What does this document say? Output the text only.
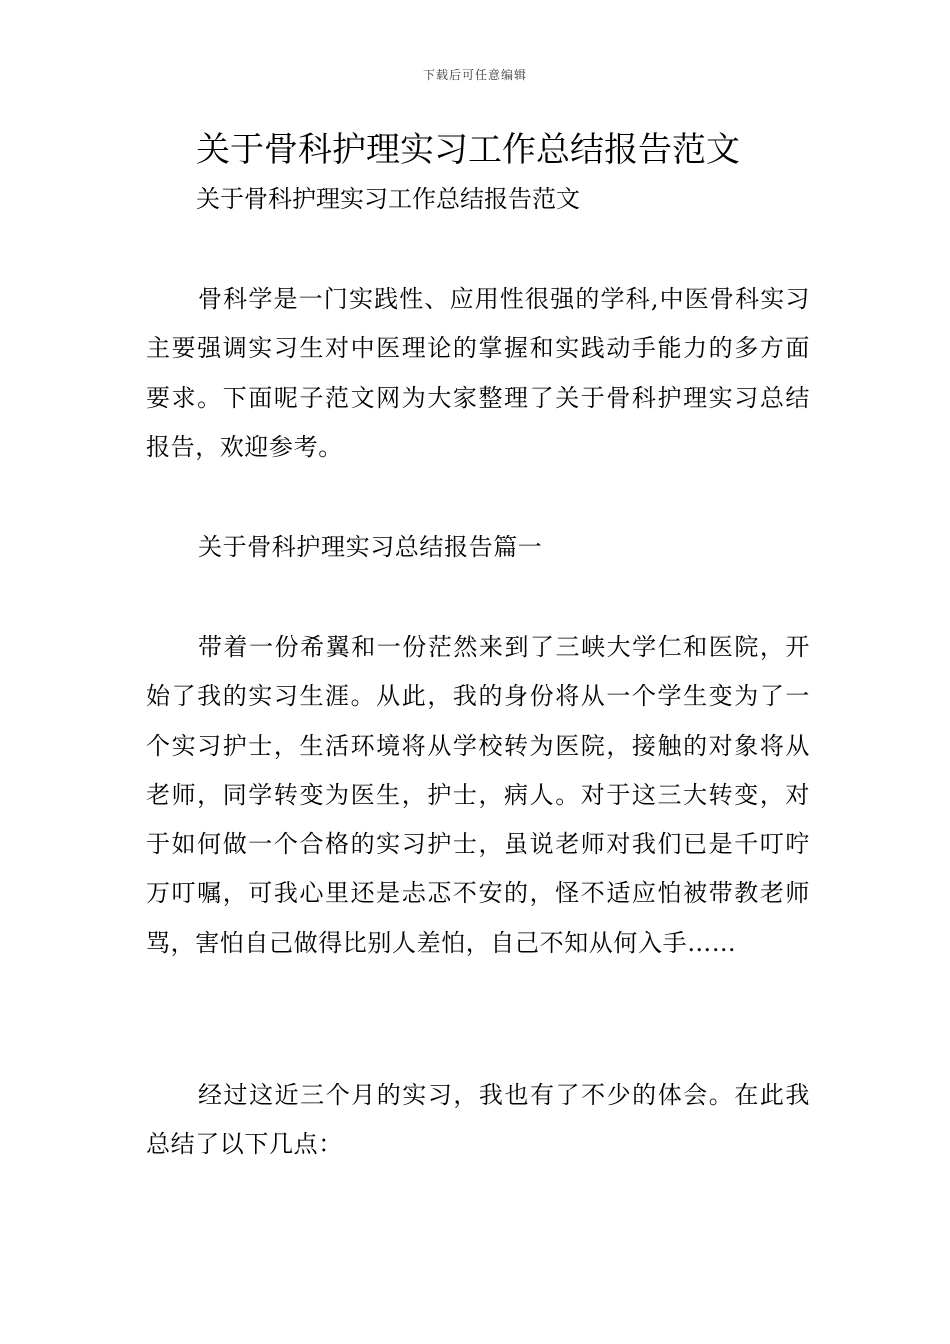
下载后可任意编辑
关于骨科护理实习工作总结报告范文
关于骨科护理实习工作总结报告范文

骨科学是一门实践性、应用性很强的学科,中医骨科实习主要强调实习生对中医理论的掌握和实践动手能力的多方面要求。下面呢子范文网为大家整理了关于骨科护理实习总结报告，欢迎参考。

关于骨科护理实习总结报告篇一

带着一份希翼和一份茫然来到了三峡大学仁和医院，开始了我的实习生涯。从此，我的身份将从一个学生变为了一个实习护士，生活环境将从学校转为医院，接触的对象将从老师，同学转变为医生，护士，病人。对于这三大转变，对于如何做一个合格的实习护士，虽说老师对我们已是千叮咛万叮嘱，可我心里还是忐忑不安的，怪不适应怕被带教老师骂，害怕自己做得比别人差怕，自己不知从何入手……

经过这近三个月的实习，我也有了不少的体会。在此我总结了以下几点：
